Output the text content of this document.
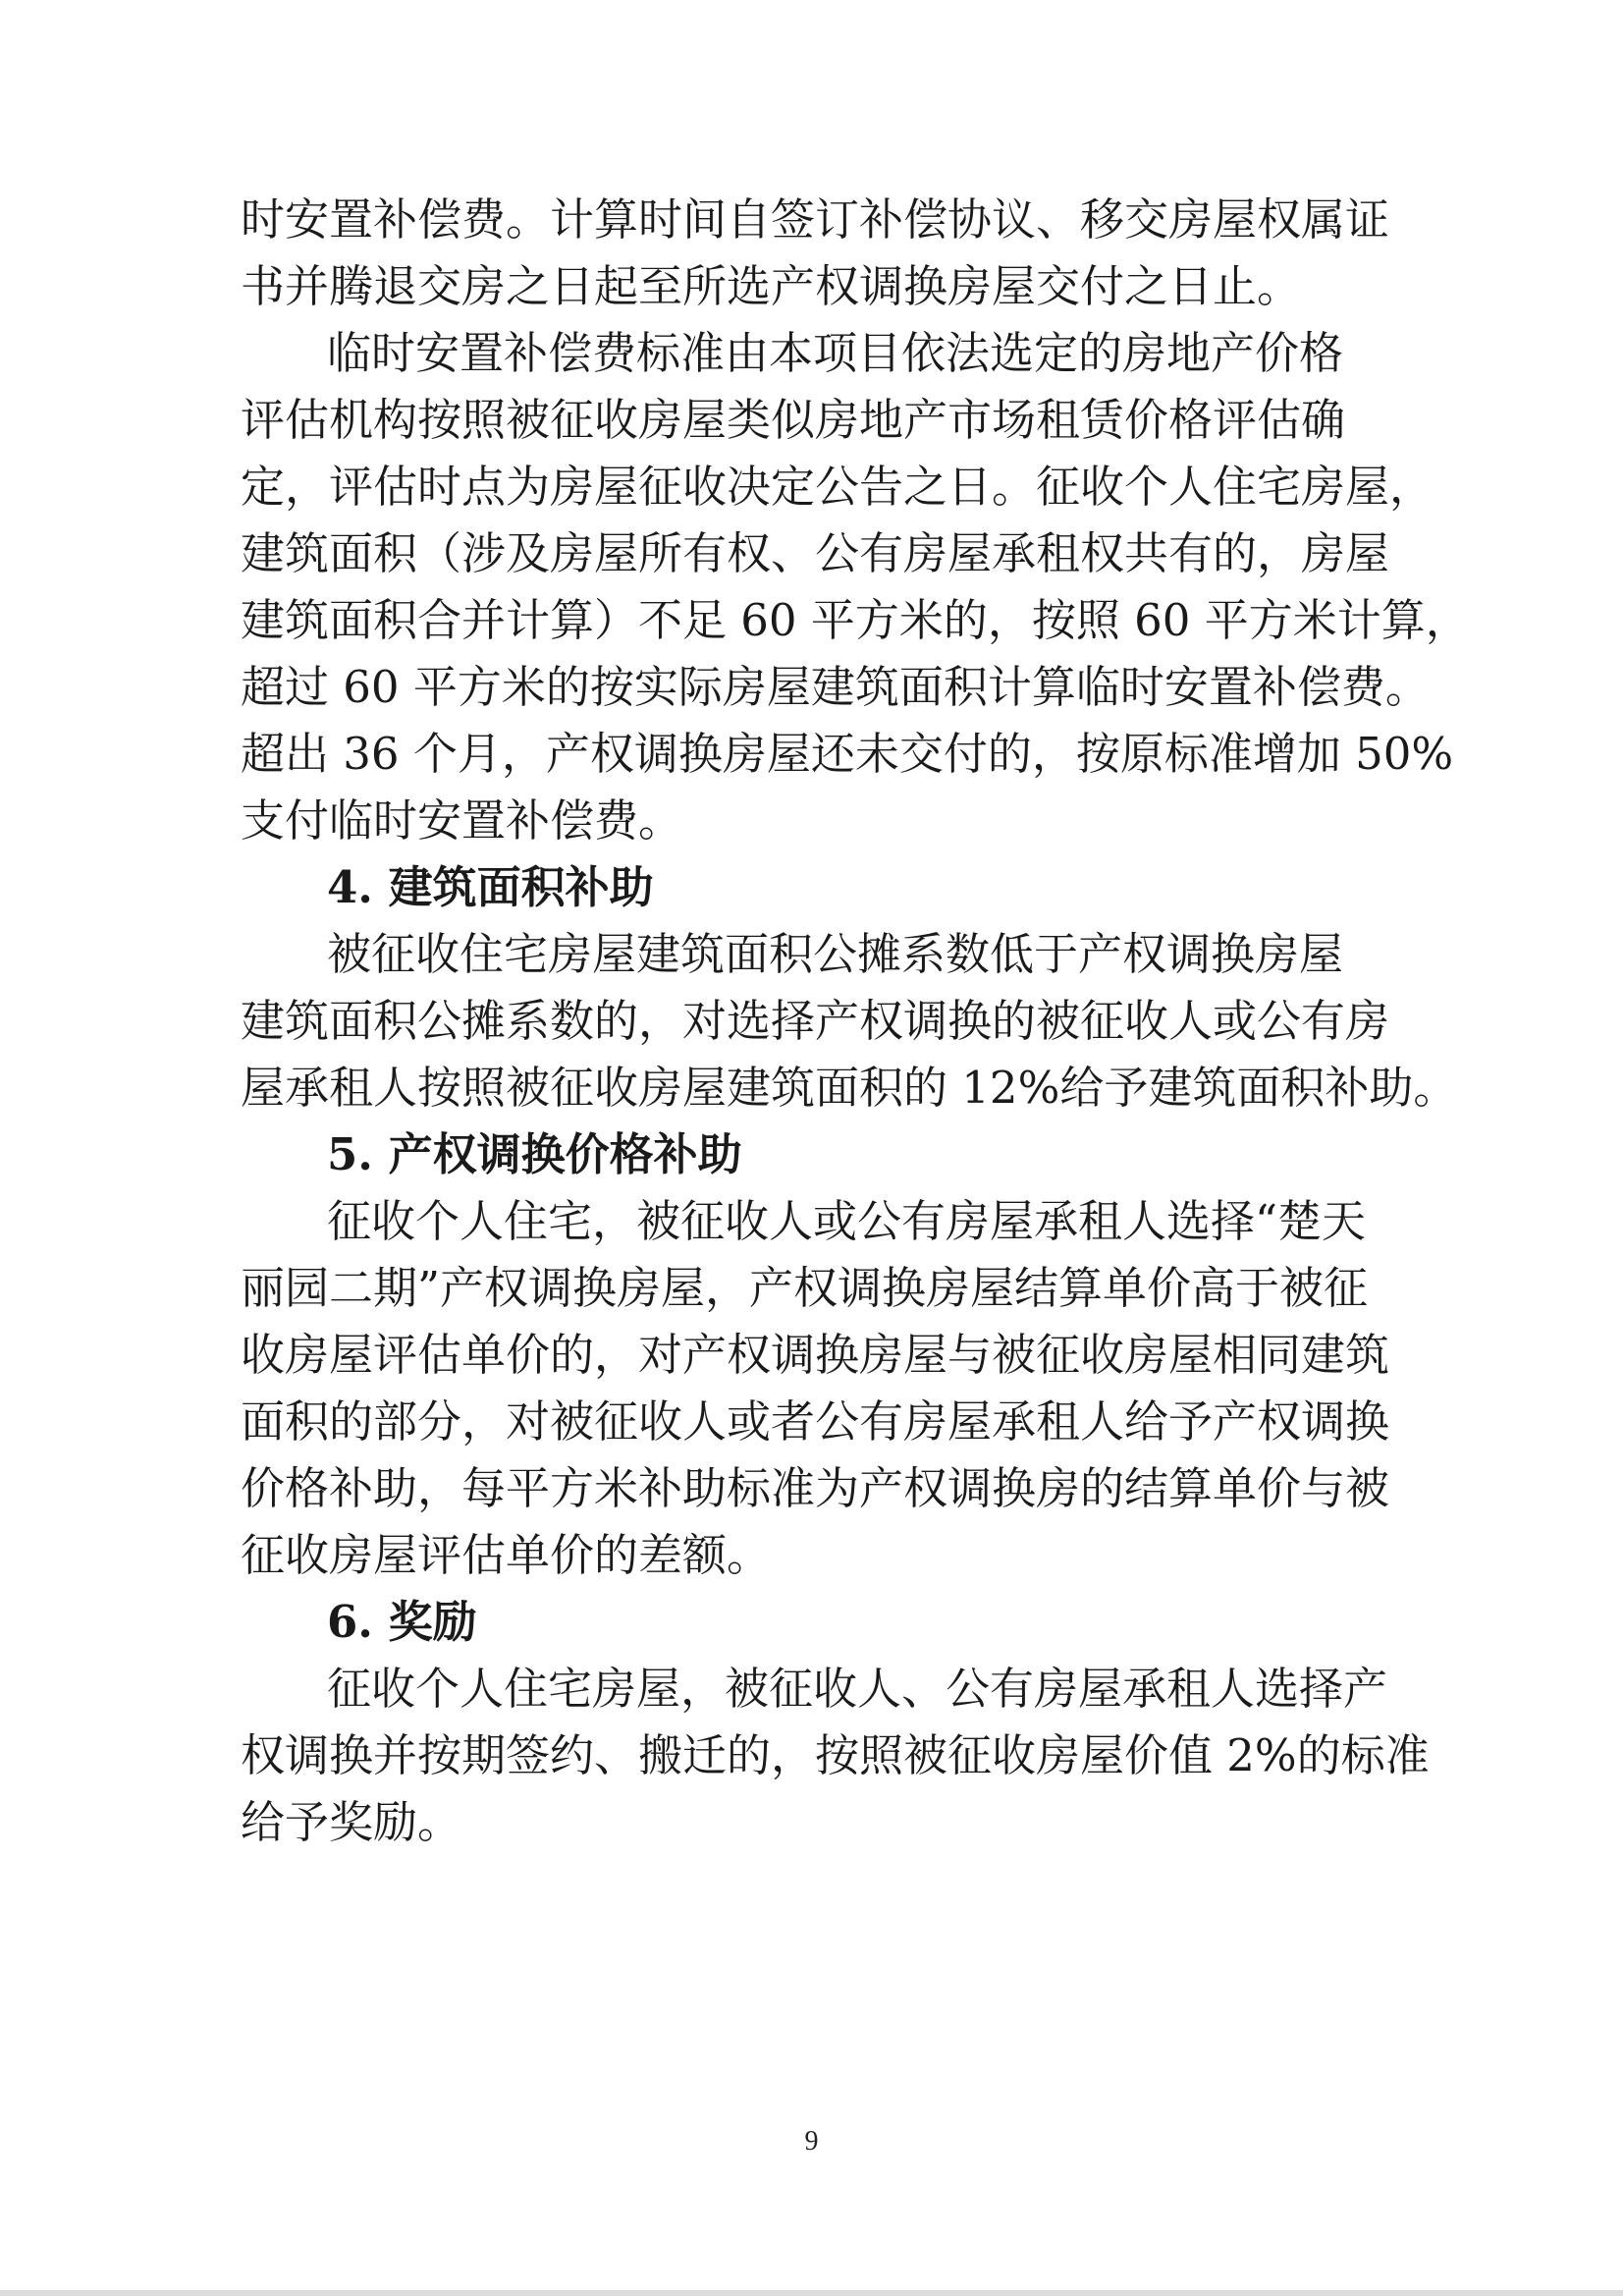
时安置补偿费。计算时间自签订补偿协议、移交房屋权属证
书并腾退交房之日起至所选产权调换房屋交付之日止。
临时安置补偿费标准由本项目依法选定的房地产价格
评估机构按照被征收房屋类似房地产市场租赁价格评估确
定，评估时点为房屋征收决定公告之日。征收个人住宅房屋，
建筑面积（涉及房屋所有权、公有房屋承租权共有的，房屋
建筑面积合并计算）不足 60 平方米的，按照 60 平方米计算，
超过 60 平方米的按实际房屋建筑面积计算临时安置补偿费。
超出 36 个月，产权调换房屋还未交付的，按原标准增加 50%
支付临时安置补偿费。
4. 建筑面积补助
被征收住宅房屋建筑面积公摊系数低于产权调换房屋
建筑面积公摊系数的，对选择产权调换的被征收人或公有房
屋承租人按照被征收房屋建筑面积的 12%给予建筑面积补助。
5. 产权调换价格补助
征收个人住宅，被征收人或公有房屋承租人选择“楚天
丽园二期”产权调换房屋，产权调换房屋结算单价高于被征
收房屋评估单价的，对产权调换房屋与被征收房屋相同建筑
面积的部分，对被征收人或者公有房屋承租人给予产权调换
价格补助，每平方米补助标准为产权调换房的结算单价与被
征收房屋评估单价的差额。
6. 奖励
征收个人住宅房屋，被征收人、公有房屋承租人选择产
权调换并按期签约、搬迁的，按照被征收房屋价值 2%的标准
给予奖励。
9
